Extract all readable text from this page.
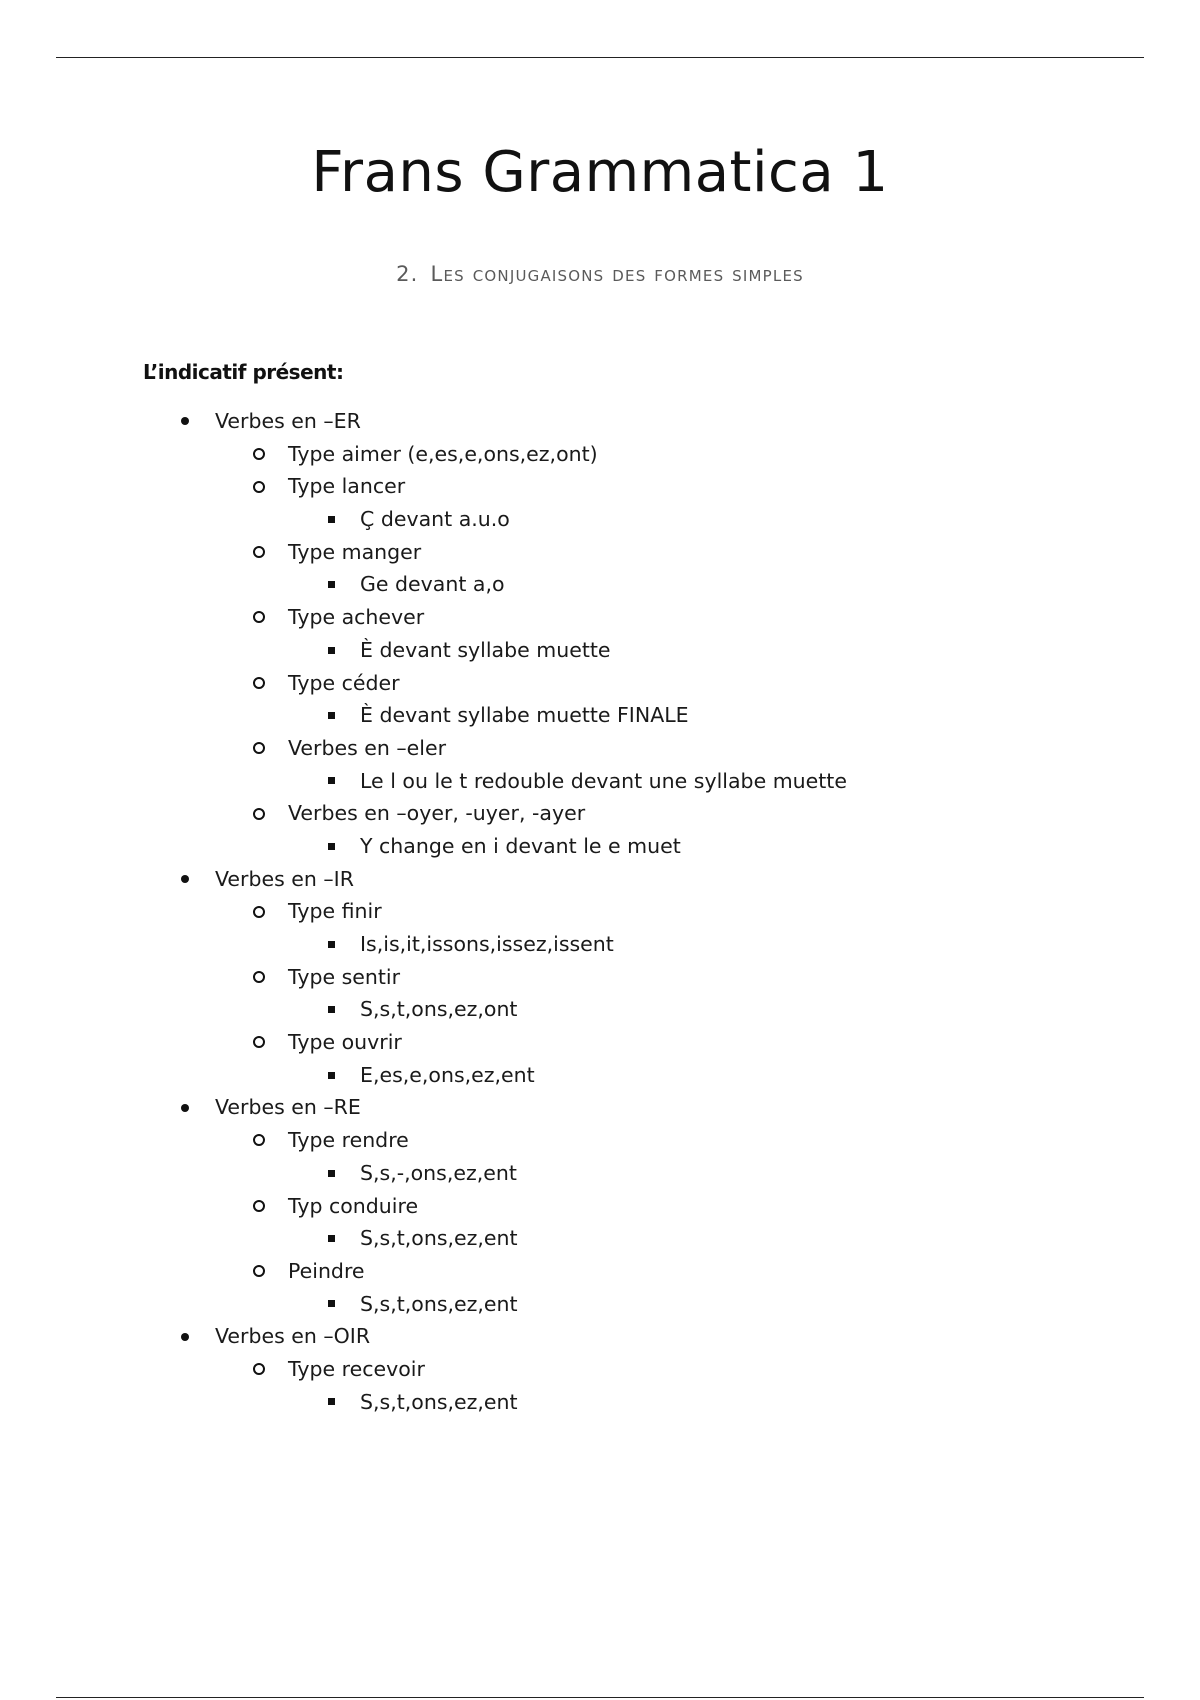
Frans Grammatica 1
2. Les conjugaisons des formes simples
L’indicatif présent:
Verbes en –ER
Type aimer (e,es,e,ons,ez,ont)
Type lancer
Ç devant a.u.o
Type manger
Ge devant a,o
Type achever
È devant syllabe muette
Type céder
È devant syllabe muette FINALE
Verbes en –eler
Le l ou le t redouble devant une syllabe muette
Verbes en –oyer, -uyer, -ayer
Y change en i devant le e muet
Verbes en –IR
Type finir
Is,is,it,issons,issez,issent
Type sentir
S,s,t,ons,ez,ont
Type ouvrir
E,es,e,ons,ez,ent
Verbes en –RE
Type rendre
S,s,-,ons,ez,ent
Typ conduire
S,s,t,ons,ez,ent
Peindre
S,s,t,ons,ez,ent
Verbes en –OIR
Type recevoir
S,s,t,ons,ez,ent
